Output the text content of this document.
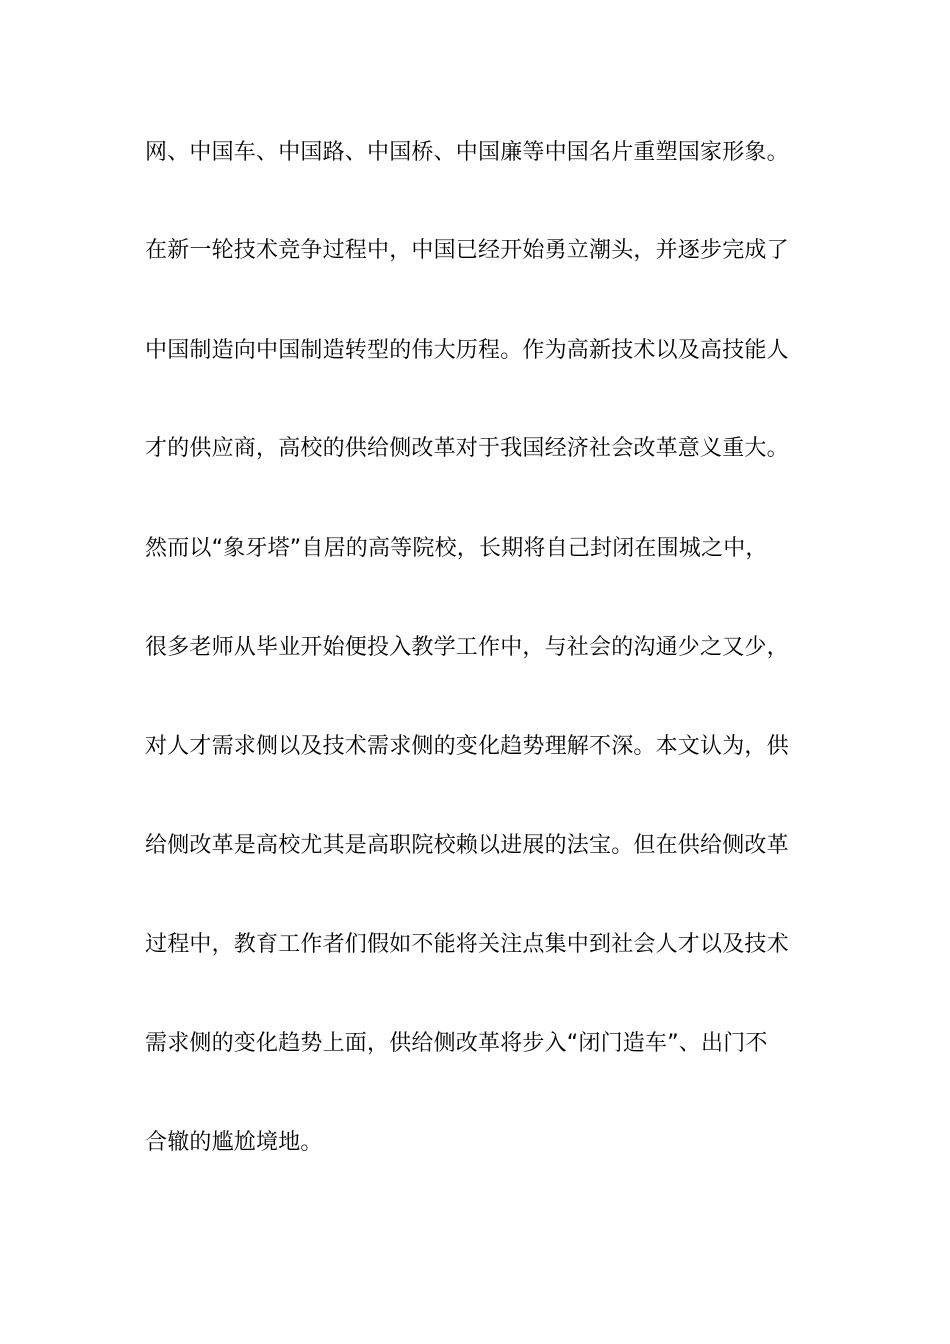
网、中国车、中国路、中国桥、中国廉等中国名片重塑国家形象。
在新一轮技术竞争过程中，中国已经开始勇立潮头，并逐步完成了
中国制造向中国制造转型的伟大历程。作为高新技术以及高技能人
才的供应商，高校的供给侧改革对于我国经济社会改革意义重大。
然而以“象牙塔”自居的高等院校，长期将自己封闭在围城之中，
很多老师从毕业开始便投入教学工作中，与社会的沟通少之又少，
对人才需求侧以及技术需求侧的变化趋势理解不深。本文认为，供
给侧改革是高校尤其是高职院校赖以进展的法宝。但在供给侧改革
过程中，教育工作者们假如不能将关注点集中到社会人才以及技术
需求侧的变化趋势上面，供给侧改革将步入“闭门造车”、出门不
合辙的尴尬境地。
